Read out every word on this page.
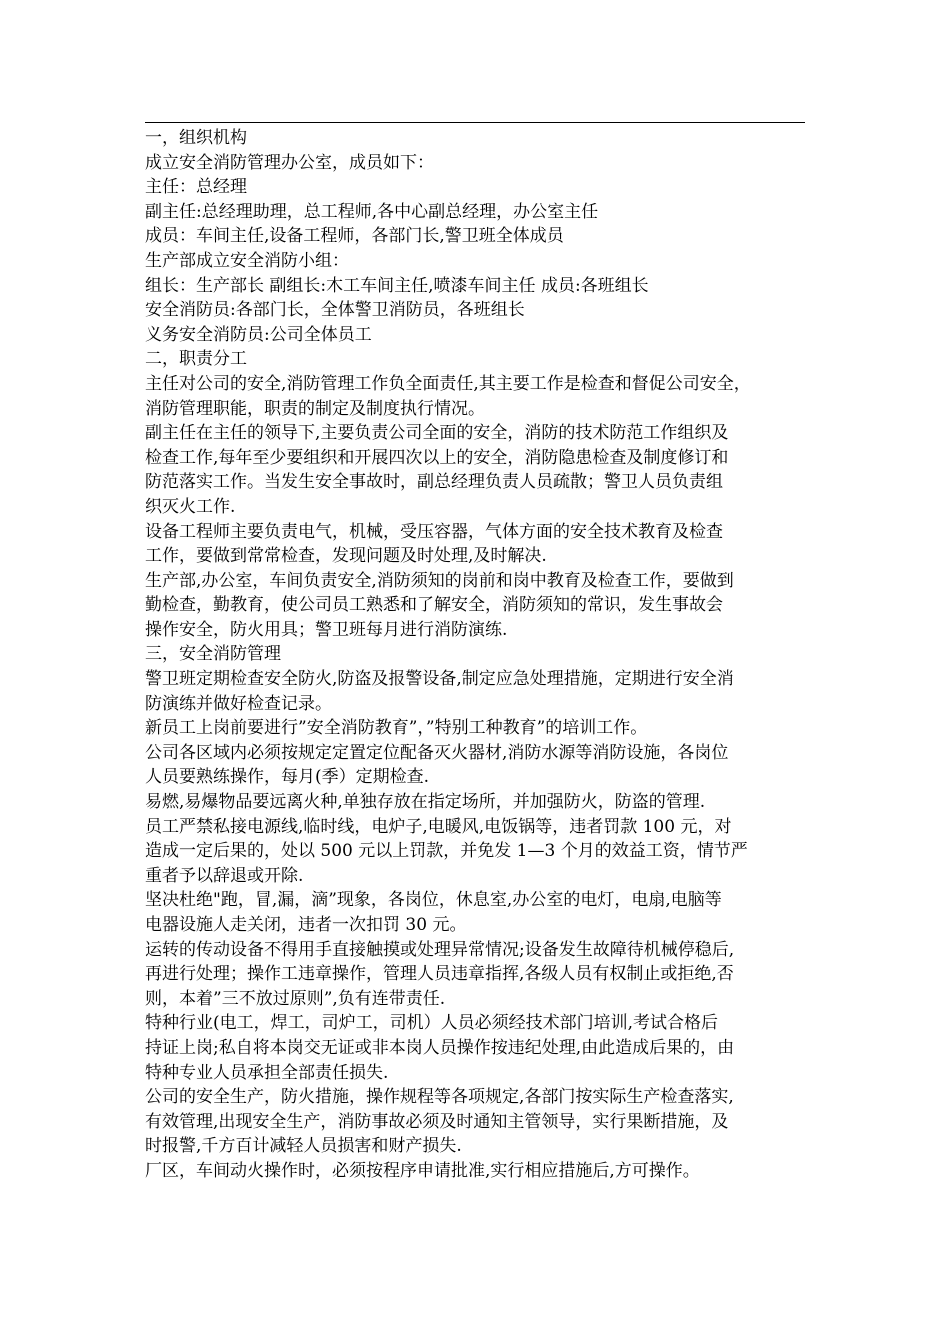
一，组织机构
成立安全消防管理办公室，成员如下：
主任：总经理
副主任:总经理助理，总工程师,各中心副总经理，办公室主任
成员：车间主任,设备工程师，各部门长,警卫班全体成员
生产部成立安全消防小组：
组长：生产部长 副组长:木工车间主任,喷漆车间主任 成员:各班组长
安全消防员:各部门长，全体警卫消防员，各班组长
义务安全消防员:公司全体员工
二，职责分工
主任对公司的安全,消防管理工作负全面责任,其主要工作是检查和督促公司安全，
消防管理职能，职责的制定及制度执行情况。
副主任在主任的领导下,主要负责公司全面的安全，消防的技术防范工作组织及
检查工作,每年至少要组织和开展四次以上的安全，消防隐患检查及制度修订和
防范落实工作。当发生安全事故时，副总经理负责人员疏散；警卫人员负责组
织灭火工作.
设备工程师主要负责电气，机械，受压容器，气体方面的安全技术教育及检查
工作，要做到常常检查，发现问题及时处理,及时解决.
生产部,办公室，车间负责安全,消防须知的岗前和岗中教育及检查工作，要做到
勤检查，勤教育，使公司员工熟悉和了解安全，消防须知的常识，发生事故会
操作安全，防火用具；警卫班每月进行消防演练.
三，安全消防管理
警卫班定期检查安全防火,防盗及报警设备,制定应急处理措施，定期进行安全消
防演练并做好检查记录。
新员工上岗前要进行”安全消防教育”，”特别工种教育”的培训工作。
公司各区域内必须按规定定置定位配备灭火器材,消防水源等消防设施，各岗位
人员要熟练操作，每月(季）定期检查.
易燃,易爆物品要远离火种,单独存放在指定场所，并加强防火，防盗的管理.
员工严禁私接电源线,临时线，电炉子,电暖风,电饭锅等，违者罚款 100 元，对
造成一定后果的，处以 500 元以上罚款，并免发 1—3 个月的效益工资，情节严
重者予以辞退或开除.
坚决杜绝"跑，冒,漏，滴”现象，各岗位，休息室,办公室的电灯，电扇,电脑等
电器设施人走关闭，违者一次扣罚 30 元。
运转的传动设备不得用手直接触摸或处理异常情况;设备发生故障待机械停稳后,
再进行处理；操作工违章操作，管理人员违章指挥,各级人员有权制止或拒绝,否
则，本着”三不放过原则”,负有连带责任.
特种行业(电工，焊工，司炉工，司机）人员必须经技术部门培训,考试合格后
持证上岗;私自将本岗交无证或非本岗人员操作按违纪处理,由此造成后果的，由
特种专业人员承担全部责任损失.
公司的安全生产，防火措施，操作规程等各项规定,各部门按实际生产检查落实,
有效管理,出现安全生产，消防事故必须及时通知主管领导，实行果断措施，及
时报警,千方百计减轻人员损害和财产损失.
厂区，车间动火操作时，必须按程序申请批准,实行相应措施后,方可操作。
